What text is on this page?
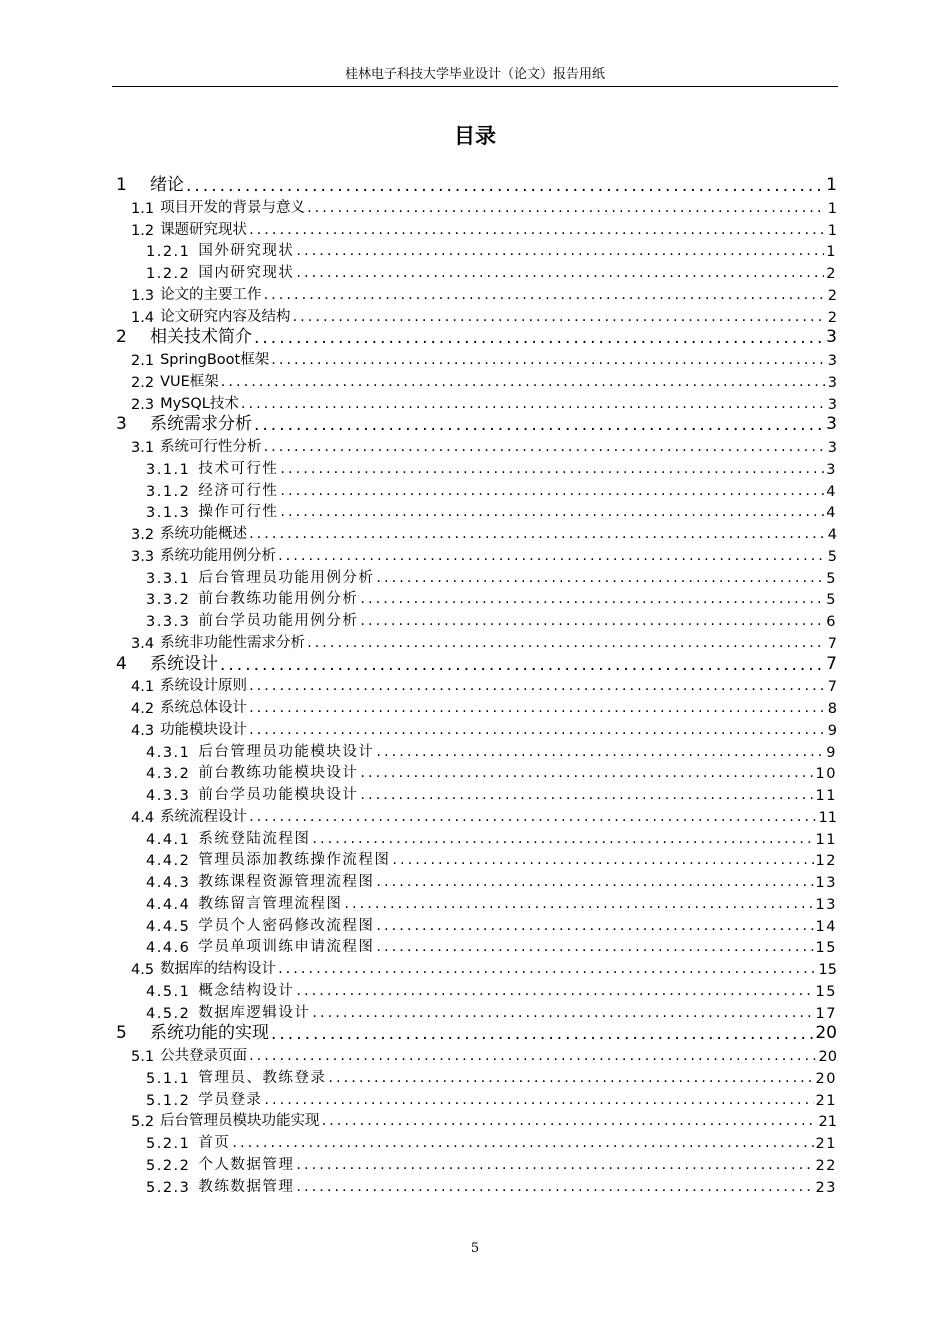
桂林电子科技大学毕业设计（论文）报告用纸
目录
1	绪论 .....	1
1.1 项目开发的背景与意义 .....	1
1.2 课题研究现状 .....	1
1.2.1 国外研究现状 .....	1
1.2.2 国内研究现状 .....	2
1.3 论文的主要工作 .....	2
1.4 论文研究内容及结构 .....	2
2	相关技术简介 .....	3
2.1 SpringBoot框架 .....	3
2.2 VUE框架 .....	3
2.3 MySQL技术 .....	3
3	系统需求分析 .....	3
3.1 系统可行性分析 .....	3
3.1.1 技术可行性 .....	3
3.1.2 经济可行性 .....	4
3.1.3 操作可行性 .....	4
3.2 系统功能概述 .....	4
3.3 系统功能用例分析 .....	5
3.3.1 后台管理员功能用例分析 .....	5
3.3.2 前台教练功能用例分析 .....	5
3.3.3 前台学员功能用例分析 .....	6
3.4 系统非功能性需求分析 .....	7
4	系统设计 .....	7
4.1 系统设计原则 .....	7
4.2 系统总体设计 .....	8
4.3 功能模块设计 .....	9
4.3.1 后台管理员功能模块设计 .....	9
4.3.2 前台教练功能模块设计 .....	10
4.3.3 前台学员功能模块设计 .....	11
4.4 系统流程设计 .....	11
4.4.1 系统登陆流程图 .....	11
4.4.2 管理员添加教练操作流程图 .....	12
4.4.3 教练课程资源管理流程图 .....	13
4.4.4 教练留言管理流程图 .....	13
4.4.5 学员个人密码修改流程图 .....	14
4.4.6 学员单项训练申请流程图 .....	15
4.5 数据库的结构设计 .....	15
4.5.1 概念结构设计 .....	15
4.5.2 数据库逻辑设计 .....	17
5	系统功能的实现 .....	20
5.1 公共登录页面 .....	20
5.1.1 管理员、教练登录 .....	20
5.1.2 学员登录 .....	21
5.2 后台管理员模块功能实现 .....	21
5.2.1 首页 .....	21
5.2.2 个人数据管理 .....	22
5.2.3 教练数据管理 .....	23
5
